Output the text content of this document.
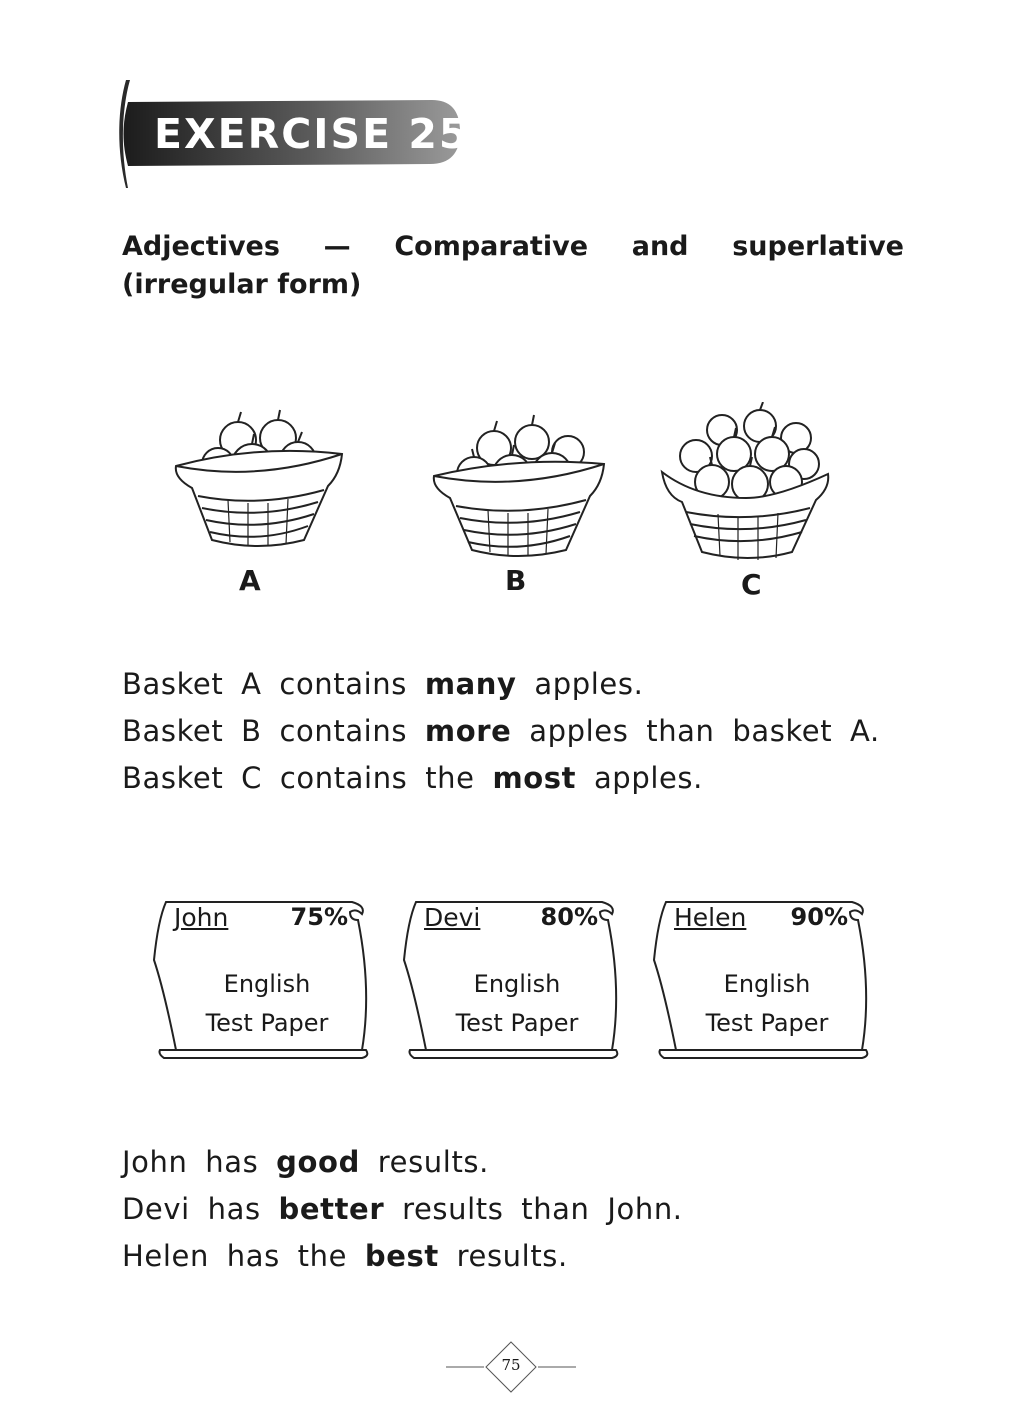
EXERCISE 25
Adjectives — Comparative and superlative (irregular form)
A	B	C
Basket A contains many apples.
Basket B contains more apples than basket A.
Basket C contains the most apples.
John	75%
English
Test Paper
Devi	80%
English
Test Paper
Helen 90%
English
Test Paper
John has good results.
Devi has better results than John.
Helen has the best results.
75
